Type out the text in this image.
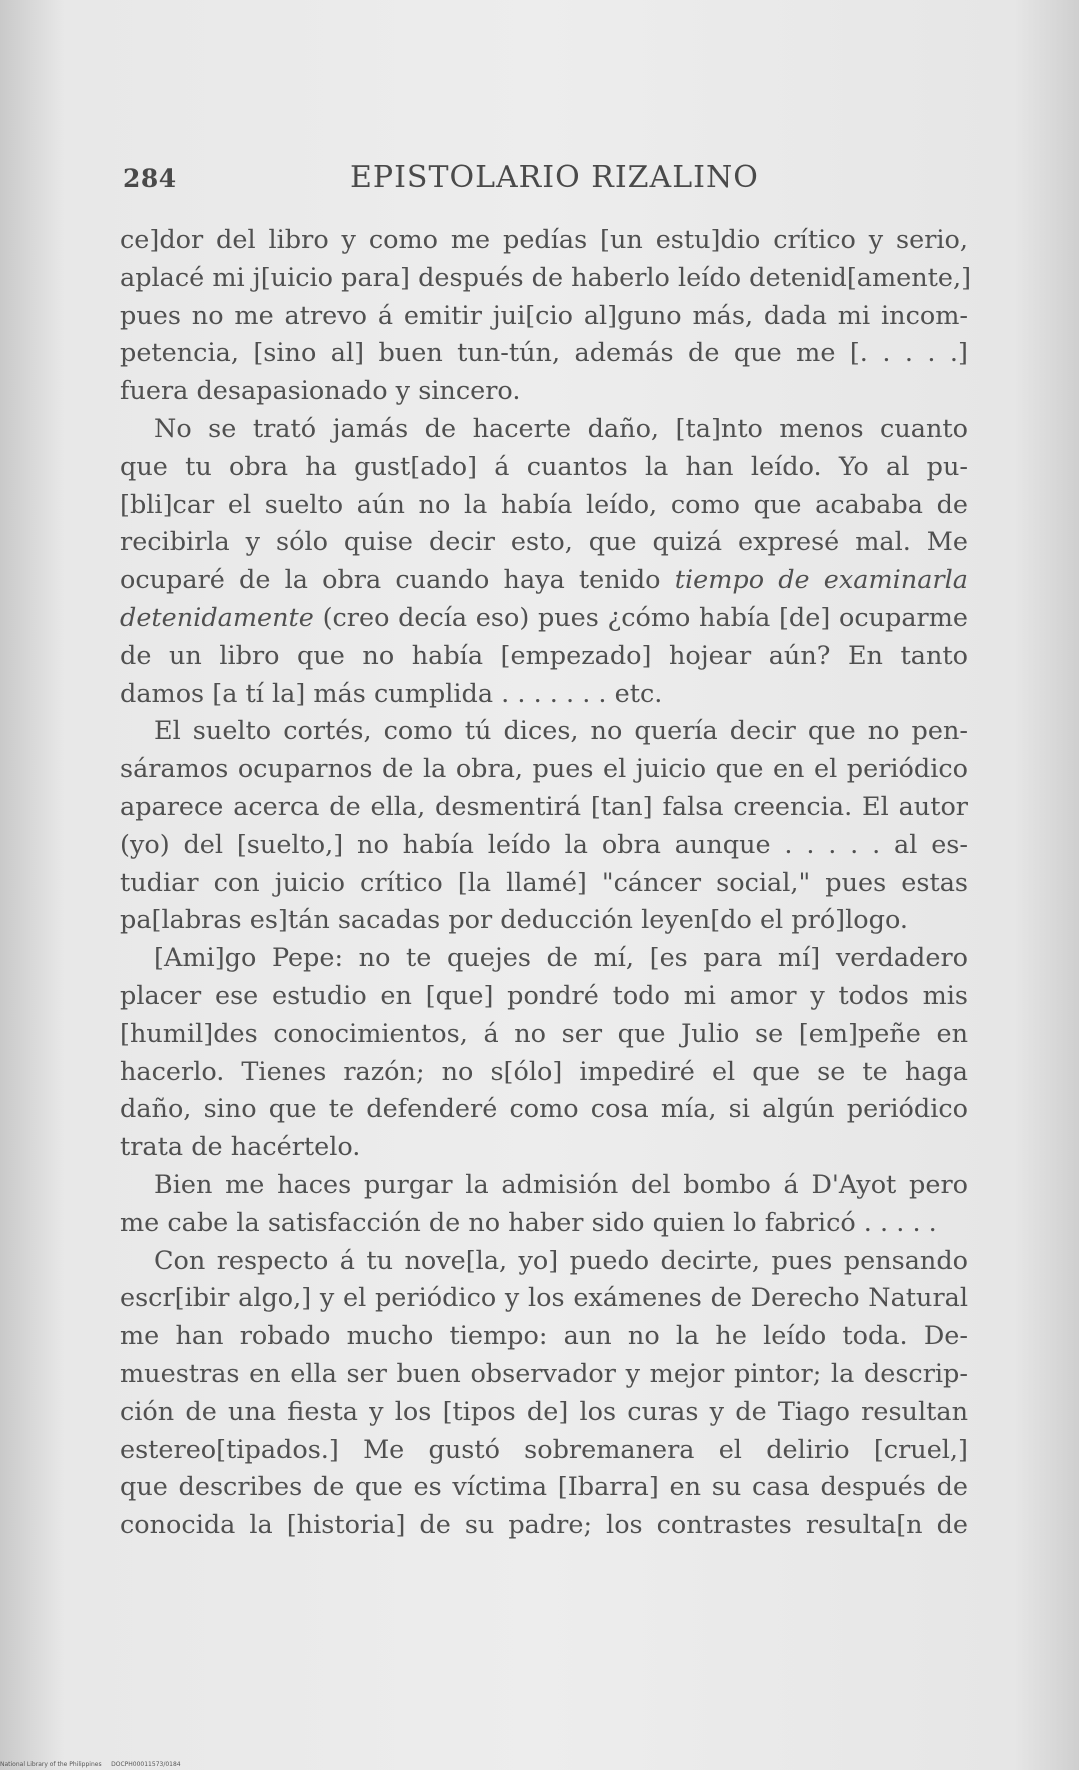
284	EPISTOLARIO RIZALINO
ce]dor del libro y como me pedías [un estu]dio crítico y serio,
aplacé mi j[uicio para] después de haberlo leído detenid[amente,]
pues no me atrevo á emitir jui[cio al]guno más, dada mi incom-
petencia, [sino al] buen tun-tún, además de que me [. . . . .]
fuera desapasionado y sincero.
No se trató jamás de hacerte daño, [ta]nto menos cuanto
que tu obra ha gust[ado] á cuantos la han leído. Yo al pu-
[bli]car el suelto aún no la había leído, como que acababa de
recibirla y sólo quise decir esto, que quizá expresé mal. Me
ocuparé de la obra cuando haya tenido tiempo de examinarla
detenidamente (creo decía eso) pues ¿cómo había [de] ocuparme
de un libro que no había [empezado] hojear aún? En tanto
damos [a tí la] más cumplida . . . . . . . etc.
El suelto cortés, como tú dices, no quería decir que no pen-
sáramos ocuparnos de la obra, pues el juicio que en el periódico
aparece acerca de ella, desmentirá [tan] falsa creencia. El autor
(yo) del [suelto,] no había leído la obra aunque . . . . . al es-
tudiar con juicio crítico [la llamé] "cáncer social," pues estas
pa[labras es]tán sacadas por deducción leyen[do el pró]logo.
[Ami]go Pepe: no te quejes de mí, [es para mí] verdadero
placer ese estudio en [que] pondré todo mi amor y todos mis
[humil]des conocimientos, á no ser que Julio se [em]peñe en
hacerlo. Tienes razón; no s[ólo] impediré el que se te haga
daño, sino que te defenderé como cosa mía, si algún periódico
trata de hacértelo.
Bien me haces purgar la admisión del bombo á D'Ayot pero
me cabe la satisfacción de no haber sido quien lo fabricó . . . . .
Con respecto á tu nove[la, yo] puedo decirte, pues pensando
escr[ibir algo,] y el periódico y los exámenes de Derecho Natural
me han robado mucho tiempo: aun no la he leído toda. De-
muestras en ella ser buen observador y mejor pintor; la descrip-
ción de una fiesta y los [tipos de] los curas y de Tiago resultan
estereo[tipados.] Me gustó sobremanera el delirio [cruel,]
que describes de que es víctima [Ibarra] en su casa después de
conocida la [historia] de su padre; los contrastes resulta[n de
National Library of the Philippines DOCPH00011573/0184
